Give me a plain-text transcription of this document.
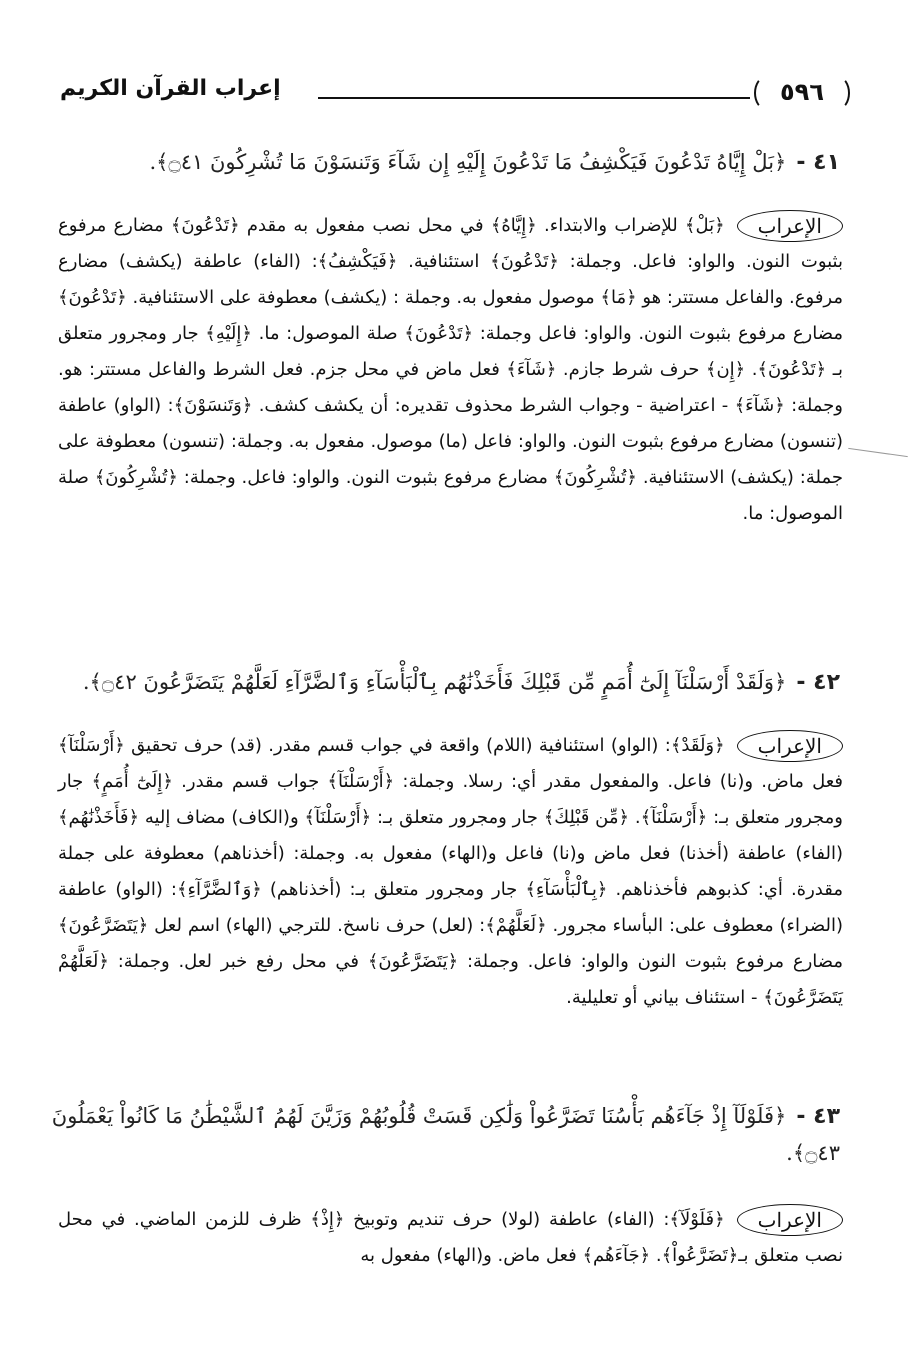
إعراب القرآن الكريم	٥٩٦
٤١ -﴿بَلْ إِيَّاهُ تَدْعُونَ فَيَكْشِفُ مَا تَدْعُونَ إِلَيْهِ إِن شَآءَ وَتَنسَوْنَ مَا تُشْرِكُونَ ۝٤١﴾.
الإعراب
﴿بَلْ﴾ للإضراب والابتداء. ﴿إِيَّاهُ﴾ في محل نصب مفعول به مقدم ﴿تَدْعُونَ﴾ مضارع مرفوع بثبوت النون. والواو: فاعل. وجملة: ﴿تَدْعُونَ﴾ استئنافية. ﴿فَيَكْشِفُ﴾: (الفاء) عاطفة (يكشف) مضارع مرفوع. والفاعل مستتر: هو ﴿مَا﴾ موصول مفعول به. وجملة : (يكشف) معطوفة على الاستئنافية. ﴿تَدْعُونَ﴾ مضارع مرفوع بثبوت النون. والواو: فاعل وجملة: ﴿تَدْعُونَ﴾ صلة الموصول: ما. ﴿إِلَيْهِ﴾ جار ومجرور متعلق بـ ﴿تَدْعُونَ﴾. ﴿إِن﴾ حرف شرط جازم. ﴿شَآءَ﴾ فعل ماض في محل جزم. فعل الشرط والفاعل مستتر: هو. وجملة: ﴿شَآءَ﴾ - اعتراضية - وجواب الشرط محذوف تقديره: أن يكشف كشف. ﴿وَتَنسَوْنَ﴾: (الواو) عاطفة (تنسون) مضارع مرفوع بثبوت النون. والواو: فاعل (ما) موصول. مفعول به. وجملة: (تنسون) معطوفة على جملة: (يكشف) الاستئنافية. ﴿تُشْرِكُونَ﴾ مضارع مرفوع بثبوت النون. والواو: فاعل. وجملة: ﴿تُشْرِكُونَ﴾ صلة الموصول: ما.
٤٢ -﴿وَلَقَدْ أَرْسَلْنَآ إِلَىٰٓ أُمَمٍ مِّن قَبْلِكَ فَأَخَذْنَٰهُم بِٱلْبَأْسَآءِ وَٱلضَّرَّآءِ لَعَلَّهُمْ يَتَضَرَّعُونَ ۝٤٢﴾.
الإعراب
﴿وَلَقَدْ﴾: (الواو) استئنافية (اللام) واقعة في جواب قسم مقدر. (قد) حرف تحقيق ﴿أَرْسَلْنَآ﴾ فعل ماض. و(نا) فاعل. والمفعول مقدر أي: رسلا. وجملة: ﴿أَرْسَلْنَآ﴾ جواب قسم مقدر. ﴿إِلَىٰٓ أُمَمٍ﴾ جار ومجرور متعلق بـ: ﴿أَرْسَلْنَآ﴾. ﴿مِّن قَبْلِكَ﴾ جار ومجرور متعلق بـ: ﴿أَرْسَلْنَآ﴾ و(الكاف) مضاف إليه ﴿فَأَخَذْنَٰهُم﴾ (الفاء) عاطفة (أخذنا) فعل ماض و(نا) فاعل و(الهاء) مفعول به. وجملة: (أخذناهم) معطوفة على جملة مقدرة. أي: كذبوهم فأخذناهم. ﴿بِٱلْبَأْسَآءِ﴾ جار ومجرور متعلق بـ: (أخذناهم) ﴿وَٱلضَّرَّآءِ﴾: (الواو) عاطفة (الضراء) معطوف على: البأساء مجرور. ﴿لَعَلَّهُمْ﴾: (لعل) حرف ناسخ. للترجي (الهاء) اسم لعل ﴿يَتَضَرَّعُونَ﴾ مضارع مرفوع بثبوت النون والواو: فاعل. وجملة: ﴿يَتَضَرَّعُونَ﴾ في محل رفع خبر لعل. وجملة: ﴿لَعَلَّهُمْ يَتَضَرَّعُونَ﴾ - استئناف بياني أو تعليلية.
٤٣ -﴿فَلَوْلَآ إِذْ جَآءَهُم بَأْسُنَا تَضَرَّعُواْ وَلَٰكِن قَسَتْ قُلُوبُهُمْ وَزَيَّنَ لَهُمُ ٱلشَّيْطَٰنُ مَا كَانُواْ يَعْمَلُونَ ۝٤٣﴾.
الإعراب
﴿فَلَوْلَآ﴾: (الفاء) عاطفة (لولا) حرف تنديم وتوبيخ ﴿إِذْ﴾ ظرف للزمن الماضي. في محل نصب متعلق بـ﴿تَضَرَّعُواْ﴾. ﴿جَآءَهُم﴾ فعل ماض. و(الهاء) مفعول به
